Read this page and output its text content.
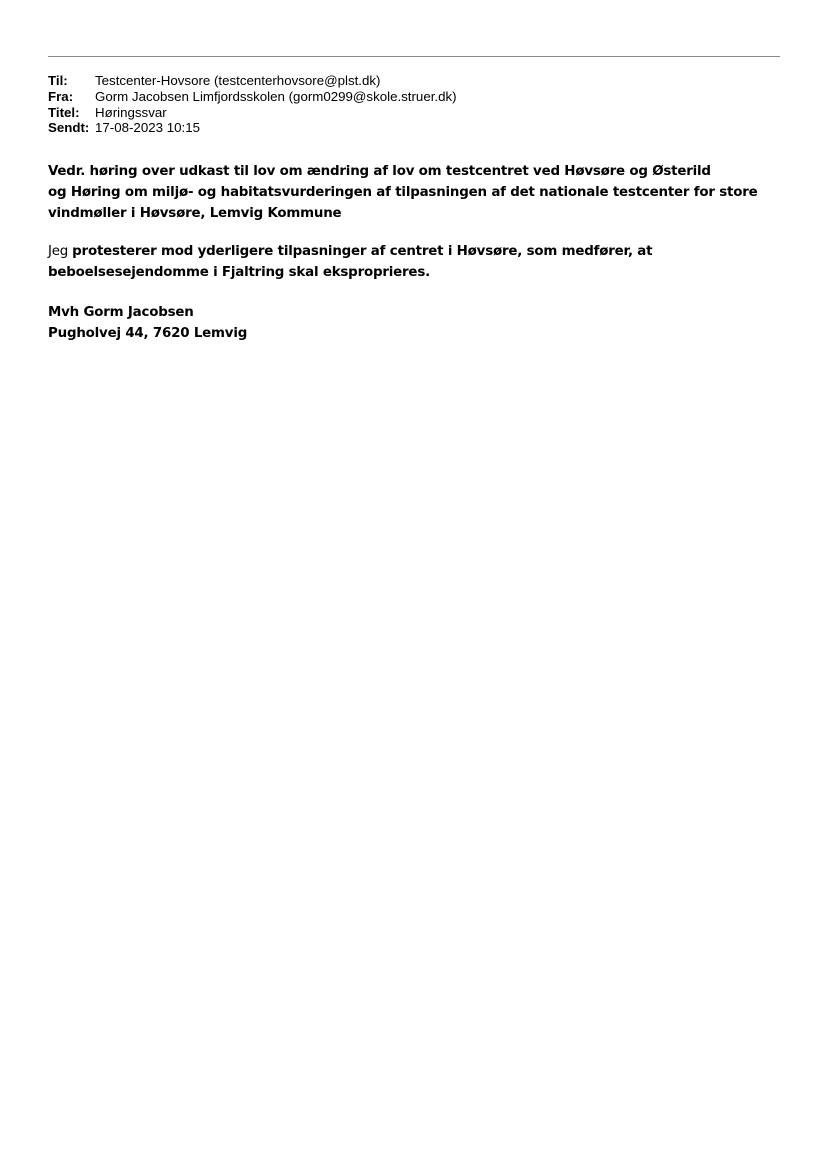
Til:	Testcenter-Hovsore (testcenterhovsore@plst.dk)
Fra:	Gorm Jacobsen Limfjordsskolen (gorm0299@skole.struer.dk)
Titel:	Høringssvar
Sendt: 17-08-2023 10:15
Vedr. høring over udkast til lov om ændring af lov om testcentret ved Høvsøre og Østerild
og Høring om miljø- og habitatsvurderingen af tilpasningen af det nationale testcenter for store
vindmøller i Høvsøre, Lemvig Kommune
Jeg protesterer mod yderligere tilpasninger af centret i Høvsøre, som medfører, at beboelsesejendomme i Fjaltring skal eksproprieres.
Mvh Gorm Jacobsen
Pugholvej 44, 7620 Lemvig
